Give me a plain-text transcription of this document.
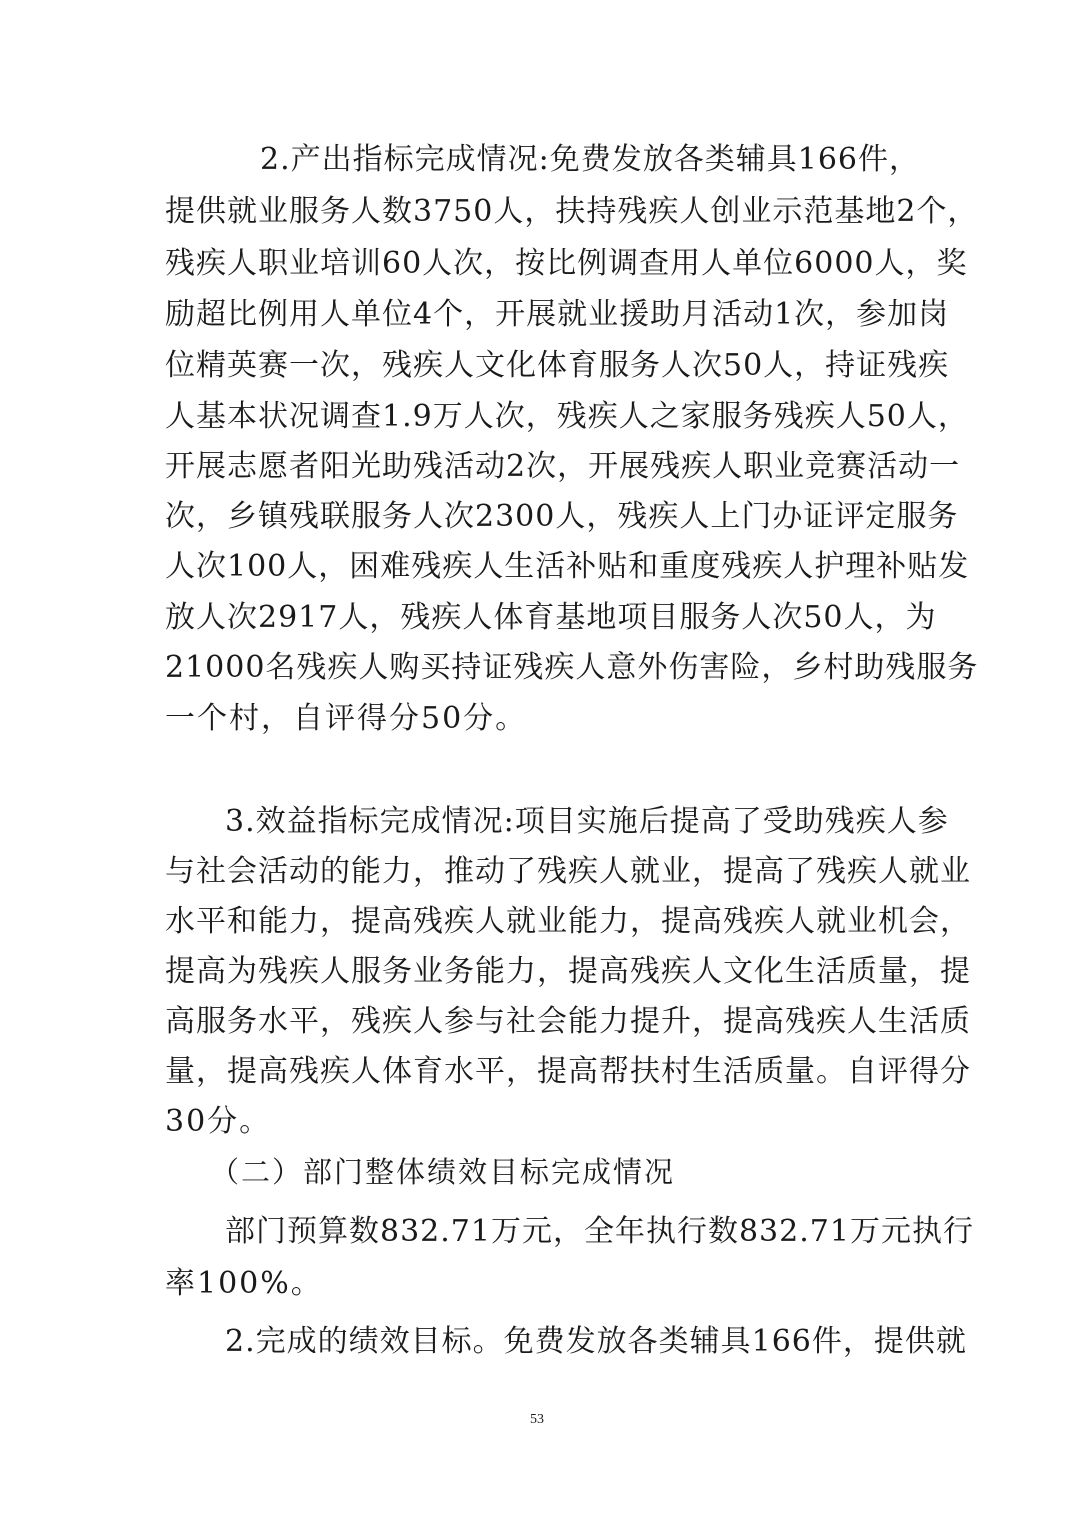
2.产出指标完成情况:免费发放各类辅具166件，
提供就业服务人数3750人，扶持残疾人创业示范基地2个，
残疾人职业培训60人次，按比例调查用人单位6000人，奖
励超比例用人单位4个，开展就业援助月活动1次，参加岗
位精英赛一次，残疾人文化体育服务人次50人，持证残疾
人基本状况调查1.9万人次，残疾人之家服务残疾人50人，
开展志愿者阳光助残活动2次，开展残疾人职业竞赛活动一
次，乡镇残联服务人次2300人，残疾人上门办证评定服务
人次100人，困难残疾人生活补贴和重度残疾人护理补贴发
放人次2917人，残疾人体育基地项目服务人次50人，为
21000名残疾人购买持证残疾人意外伤害险，乡村助残服务
一个村，自评得分50分。
3.效益指标完成情况:项目实施后提高了受助残疾人参
与社会活动的能力，推动了残疾人就业，提高了残疾人就业
水平和能力，提高残疾人就业能力，提高残疾人就业机会，
提高为残疾人服务业务能力，提高残疾人文化生活质量，提
高服务水平，残疾人参与社会能力提升，提高残疾人生活质
量，提高残疾人体育水平，提高帮扶村生活质量。自评得分
30分。
（二）部门整体绩效目标完成情况
部门预算数832.71万元，全年执行数832.71万元执行
率100%。
2.完成的绩效目标。免费发放各类辅具166件，提供就
53
